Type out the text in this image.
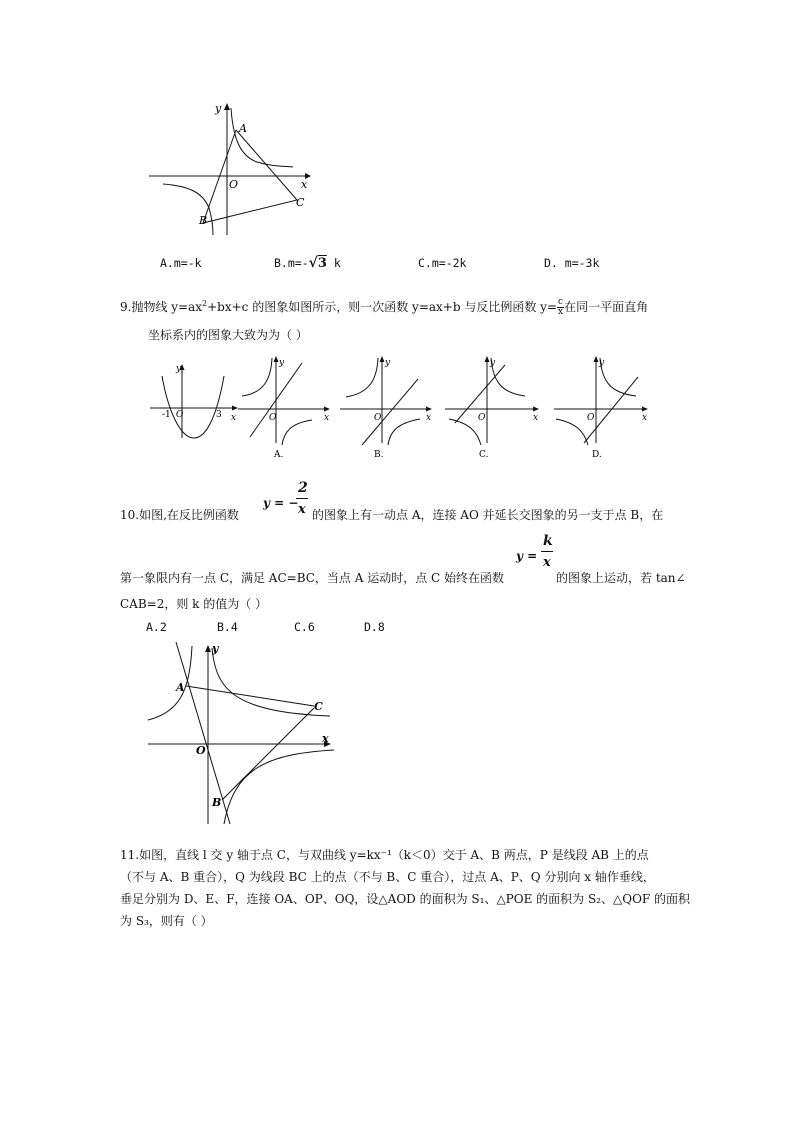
y
x
O
A
B
C
A.m=-k	B.m=-√3 k	C.m=-2k	D. m=-3k
9.抛物线 $y=ax^2+bx+c$ 的图象如图所示，则一次函数 y=ax+b 与反比例函数 $y= \frac{c}{x}$ 在同一平面直角
坐标系内的图象大致为为（ ）
y
x
O
-1	3
y
x
O
A.
y
x
O
B.
y
x
O
C.
y
x
O
D.
y = −
2
x
10.如图,在反比例函数	的图象上有一动点 A，连接 AO 并延长交图象的另一支于点 B，在
y =
k
x
第一象限内有一点 C，满足 AC=BC，当点 A 运动时，点 C 始终在函数	的图象上运动，若 tan∠
CAB=2，则 k 的值为（ ）
A.2	B.4	C.6	D.8
y
x
O
A
B
C
11.如图，直线 l 交 y 轴于点 C，与双曲线 y=kx⁻¹（k＜0）交于 A、B 两点，P 是线段 AB 上的点
（不与 A、B 重合），Q 为线段 BC 上的点（不与 B、C 重合），过点 A、P、Q 分别向 x 轴作垂线，
垂足分别为 D、E、F，连接 OA、OP、OQ，设△AOD 的面积为 S₁、△POE 的面积为 S₂、△QOF 的面积
为 S₃，则有（ ）
